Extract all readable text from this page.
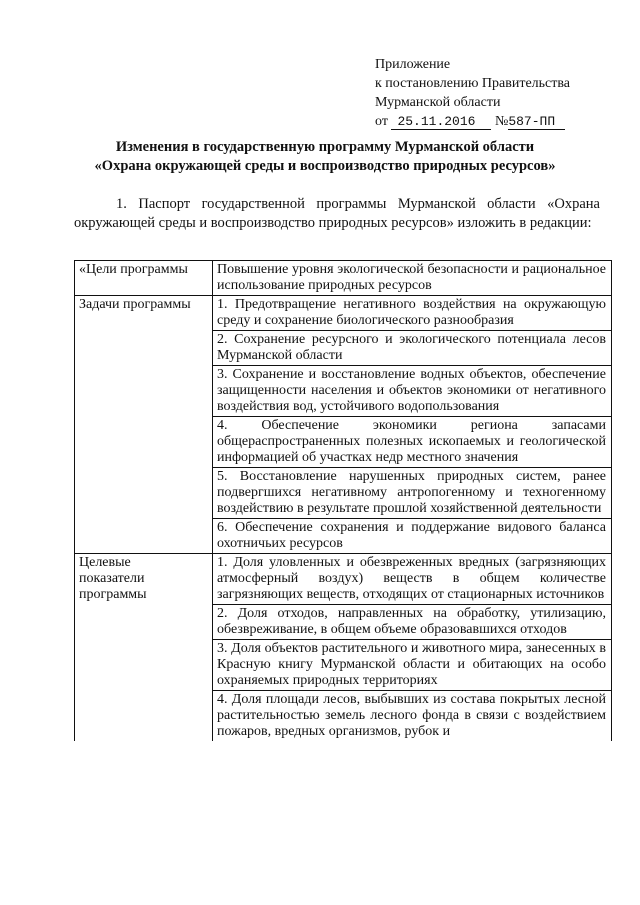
Приложение
к постановлению Правительства
Мурманской области
от 25.11.2016 №587-ПП
Изменения в государственную программу Мурманской области
«Охрана окружающей среды и воспроизводство природных ресурсов»
1. Паспорт государственной программы Мурманской области «Охрана окружающей среды и воспроизводство природных ресурсов» изложить в редакции:
«Цели программы	Повышение уровня экологической безопасности и рациональное использование природных ресурсов
Задачи программы	1. Предотвращение негативного воздействия на окружающую среду и сохранение биологического разнообразия
	2. Сохранение ресурсного и экологического потенциала лесов Мурманской области
	3. Сохранение и восстановление водных объектов, обеспечение защищенности населения и объектов экономики от негативного воздействия вод, устойчивого водопользования
	4. Обеспечение экономики региона запасами общераспространенных полезных ископаемых и геологической информацией об участках недр местного значения
	5. Восстановление нарушенных природных систем, ранее подвергшихся негативному антропогенному и техногенному воздействию в результате прошлой хозяйственной деятельности
	6. Обеспечение сохранения и поддержание видового баланса охотничьих ресурсов

Целевые
показатели
программы	1. Доля уловленных и обезвреженных вредных (загрязняющих атмосферный воздух) веществ в общем количестве загрязняющих веществ, отходящих от стационарных источников
	2. Доля отходов, направленных на обработку, утилизацию, обезвреживание, в общем объеме образовавшихся отходов
	3. Доля объектов растительного и животного мира, занесенных в Красную книгу Мурманской области и обитающих на особо охраняемых природных территориях
	4. Доля площади лесов, выбывших из состава покрытых лесной растительностью земель лесного фонда в связи с воздействием пожаров, вредных организмов, рубок и
